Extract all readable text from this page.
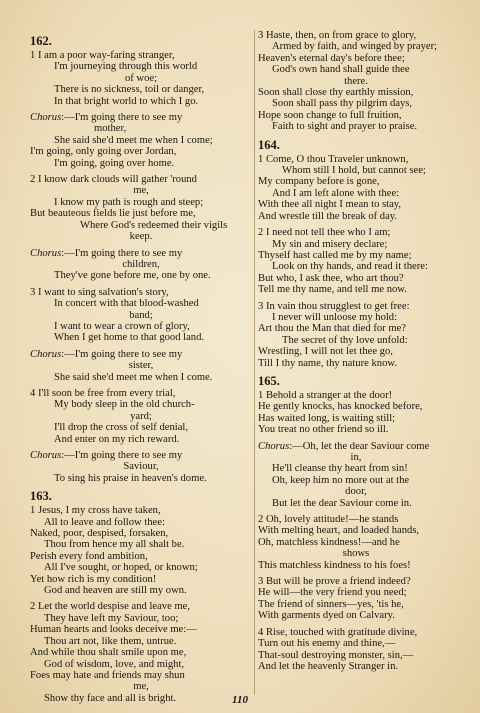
162.
1 I am a poor way-faring stranger,
I'm journeying through this world
of woe;
There is no sickness, toil or danger,
In that bright world to which I go.
Chorus:—I'm going there to see my
mother,
She said she'd meet me when I come;
I'm going, only going over Jordan,
I'm going, going over home.
2 I know dark clouds will gather 'round
me,
I know my path is rough and steep;
But beauteous fields lie just before me,
Where God's redeemed their vigils
keep.
Chorus:—I'm going there to see my
children,
They've gone before me, one by one.
3 I want to sing salvation's story,
In concert with that blood-washed
band;
I want to wear a crown of glory,
When I get home to that good land.
Chorus:—I'm going there to see my
sister,
She said she'd meet me when I come.
4 I'll soon be free from every trial,
My body sleep in the old church-
yard;
I'll drop the cross of self denial,
And enter on my rich reward.
Chorus:—I'm going there to see my
Saviour,
To sing his praise in heaven's dome.
163.
1 Jesus, I my cross have taken,
All to leave and follow thee:
Naked, poor, despised, forsaken,
Thou from hence my all shalt be.
Perish every fond ambition,
All I've sought, or hoped, or known;
Yet how rich is my condition!
God and heaven are still my own.
2 Let the world despise and leave me,
They have left my Saviour, too;
Human hearts and looks deceive me:—
Thou art not, like them, untrue.
And while thou shalt smile upon me,
God of wisdom, love, and might,
Foes may hate and friends may shun
me,
Show thy face and all is bright.
3 Haste, then, on from grace to glory,
Armed by faith, and winged by prayer;
Heaven's eternal day's before thee;
God's own hand shall guide thee
there.
Soon shall close thy earthly mission,
Soon shall pass thy pilgrim days,
Hope soon change to full fruition,
Faith to sight and prayer to praise.
164.
1 Come, O thou Traveler unknown,
Whom still I hold, but cannot see;
My company before is gone,
And I am left alone with thee:
With thee all night I mean to stay,
And wrestle till the break of day.
2 I need not tell thee who I am;
My sin and misery declare;
Thyself hast called me by my name;
Look on thy hands, and read it there:
But who, I ask thee, who art thou?
Tell me thy name, and tell me now.
3 In vain thou strugglest to get free:
I never will unloose my hold:
Art thou the Man that died for me?
The secret of thy love unfold:
Wrestling, I will not let thee go,
Till I thy name, thy nature know.
165.
1 Behold a stranger at the door!
He gently knocks, has knocked before,
Has waited long, is waiting still;
You treat no other friend so ill.
Chorus:—Oh, let the dear Saviour come
in,
He'll cleanse thy heart from sin!
Oh, keep him no more out at the
door,
But let the dear Saviour come in.
2 Oh, lovely attitude!—he stands
With melting heart, and loaded hands,
Oh, matchless kindness!—and he
shows
This matchless kindness to his foes!
3 But will he prove a friend indeed?
He will—the very friend you need;
The friend of sinners—yes, 'tis he,
With garments dyed on Calvary.
4 Rise, touched with gratitude divine,
Turn out his enemy and thine,—
That-soul destroying monster, sin,—
And let the heavenly Stranger in.
110
